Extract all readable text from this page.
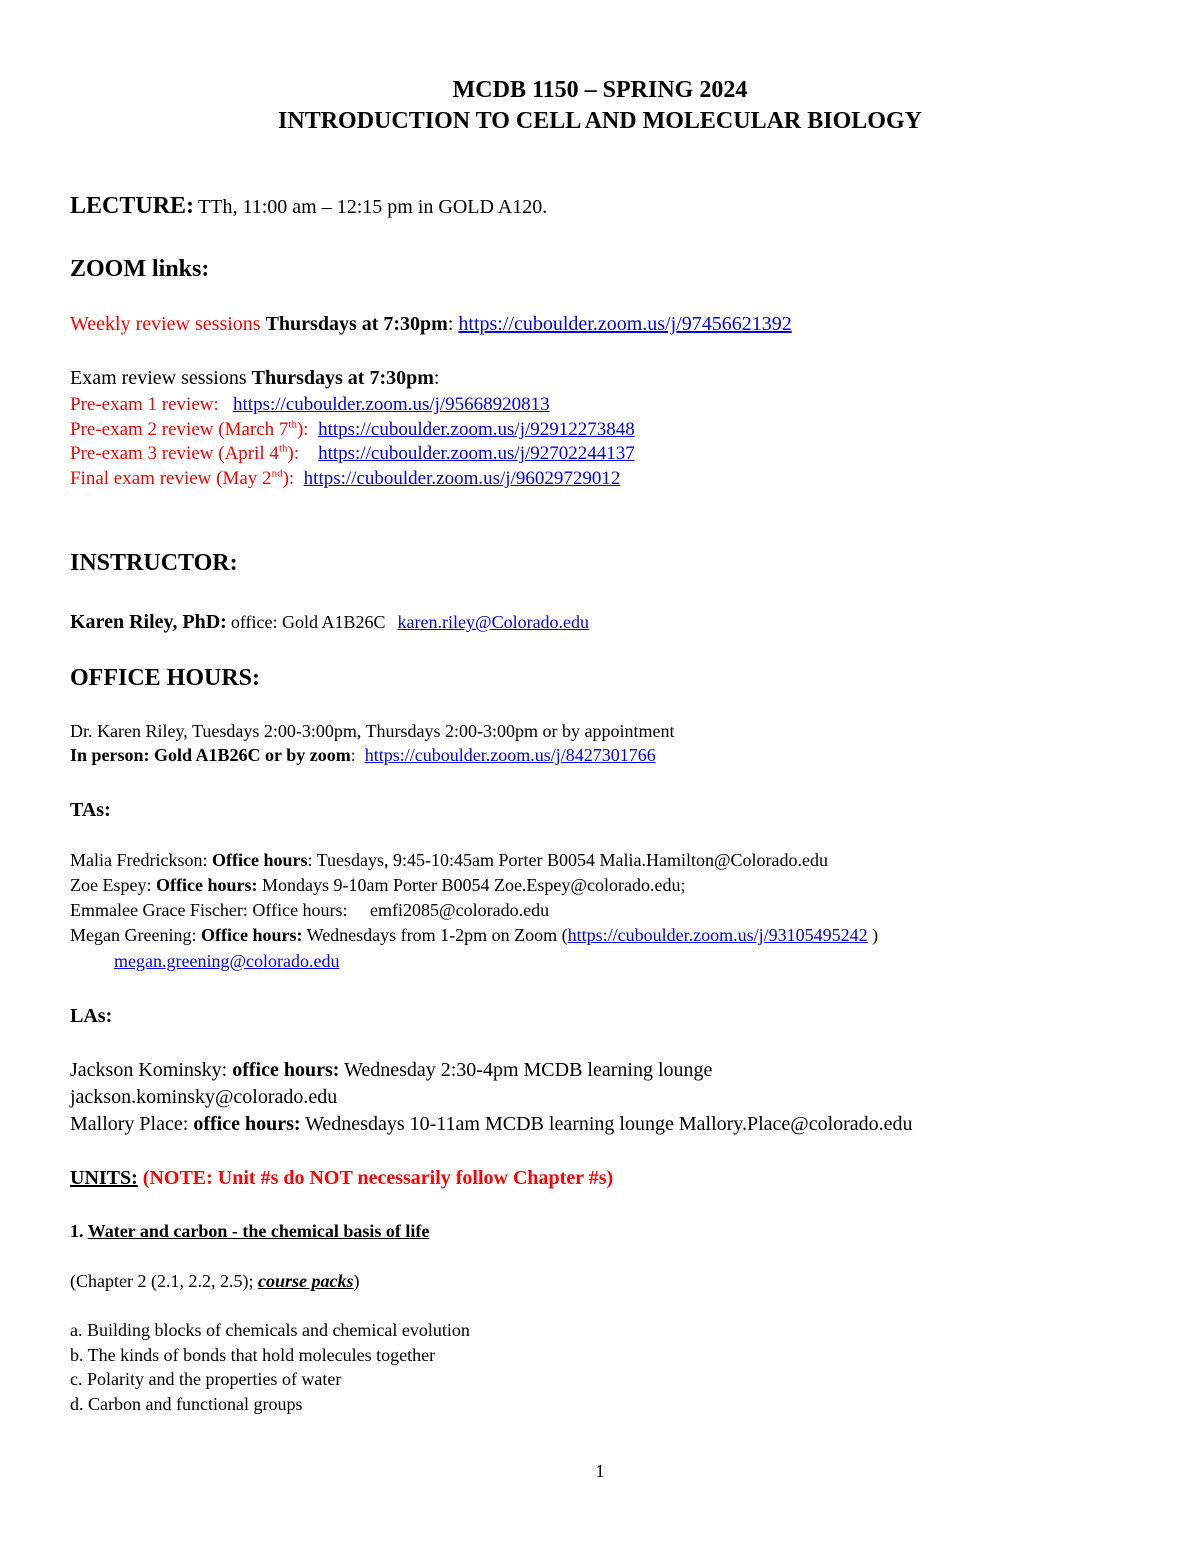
MCDB 1150 – SPRING 2024
INTRODUCTION TO CELL AND MOLECULAR BIOLOGY
LECTURE: TTh, 11:00 am – 12:15 pm in GOLD A120.
ZOOM links:
Weekly review sessions Thursdays at 7:30pm: https://cuboulder.zoom.us/j/97456621392
Exam review sessions Thursdays at 7:30pm:
Pre-exam 1 review: https://cuboulder.zoom.us/j/95668920813
Pre-exam 2 review (March 7th): https://cuboulder.zoom.us/j/92912273848
Pre-exam 3 review (April 4th): https://cuboulder.zoom.us/j/92702244137
Final exam review (May 2nd): https://cuboulder.zoom.us/j/96029729012
INSTRUCTOR:
Karen Riley, PhD: office: Gold A1B26C karen.riley@Colorado.edu
OFFICE HOURS:
Dr. Karen Riley, Tuesdays 2:00-3:00pm, Thursdays 2:00-3:00pm or by appointment
In person: Gold A1B26C or by zoom: https://cuboulder.zoom.us/j/8427301766
TAs:
Malia Fredrickson: Office hours: Tuesdays, 9:45-10:45am Porter B0054 Malia.Hamilton@Colorado.edu
Zoe Espey: Office hours: Mondays 9-10am Porter B0054 Zoe.Espey@colorado.edu;
Emmalee Grace Fischer: Office hours:     emfi2085@colorado.edu
Megan Greening: Office hours: Wednesdays from 1-2pm on Zoom (https://cuboulder.zoom.us/j/93105495242 )
megan.greening@colorado.edu
LAs:
Jackson Kominsky: office hours: Wednesday 2:30-4pm MCDB learning lounge
jackson.kominsky@colorado.edu
Mallory Place: office hours: Wednesdays 10-11am MCDB learning lounge Mallory.Place@colorado.edu
UNITS: (NOTE: Unit #s do NOT necessarily follow Chapter #s)
1. Water and carbon - the chemical basis of life
(Chapter 2 (2.1, 2.2, 2.5); course packs)
a. Building blocks of chemicals and chemical evolution
b. The kinds of bonds that hold molecules together
c. Polarity and the properties of water
d. Carbon and functional groups
1
